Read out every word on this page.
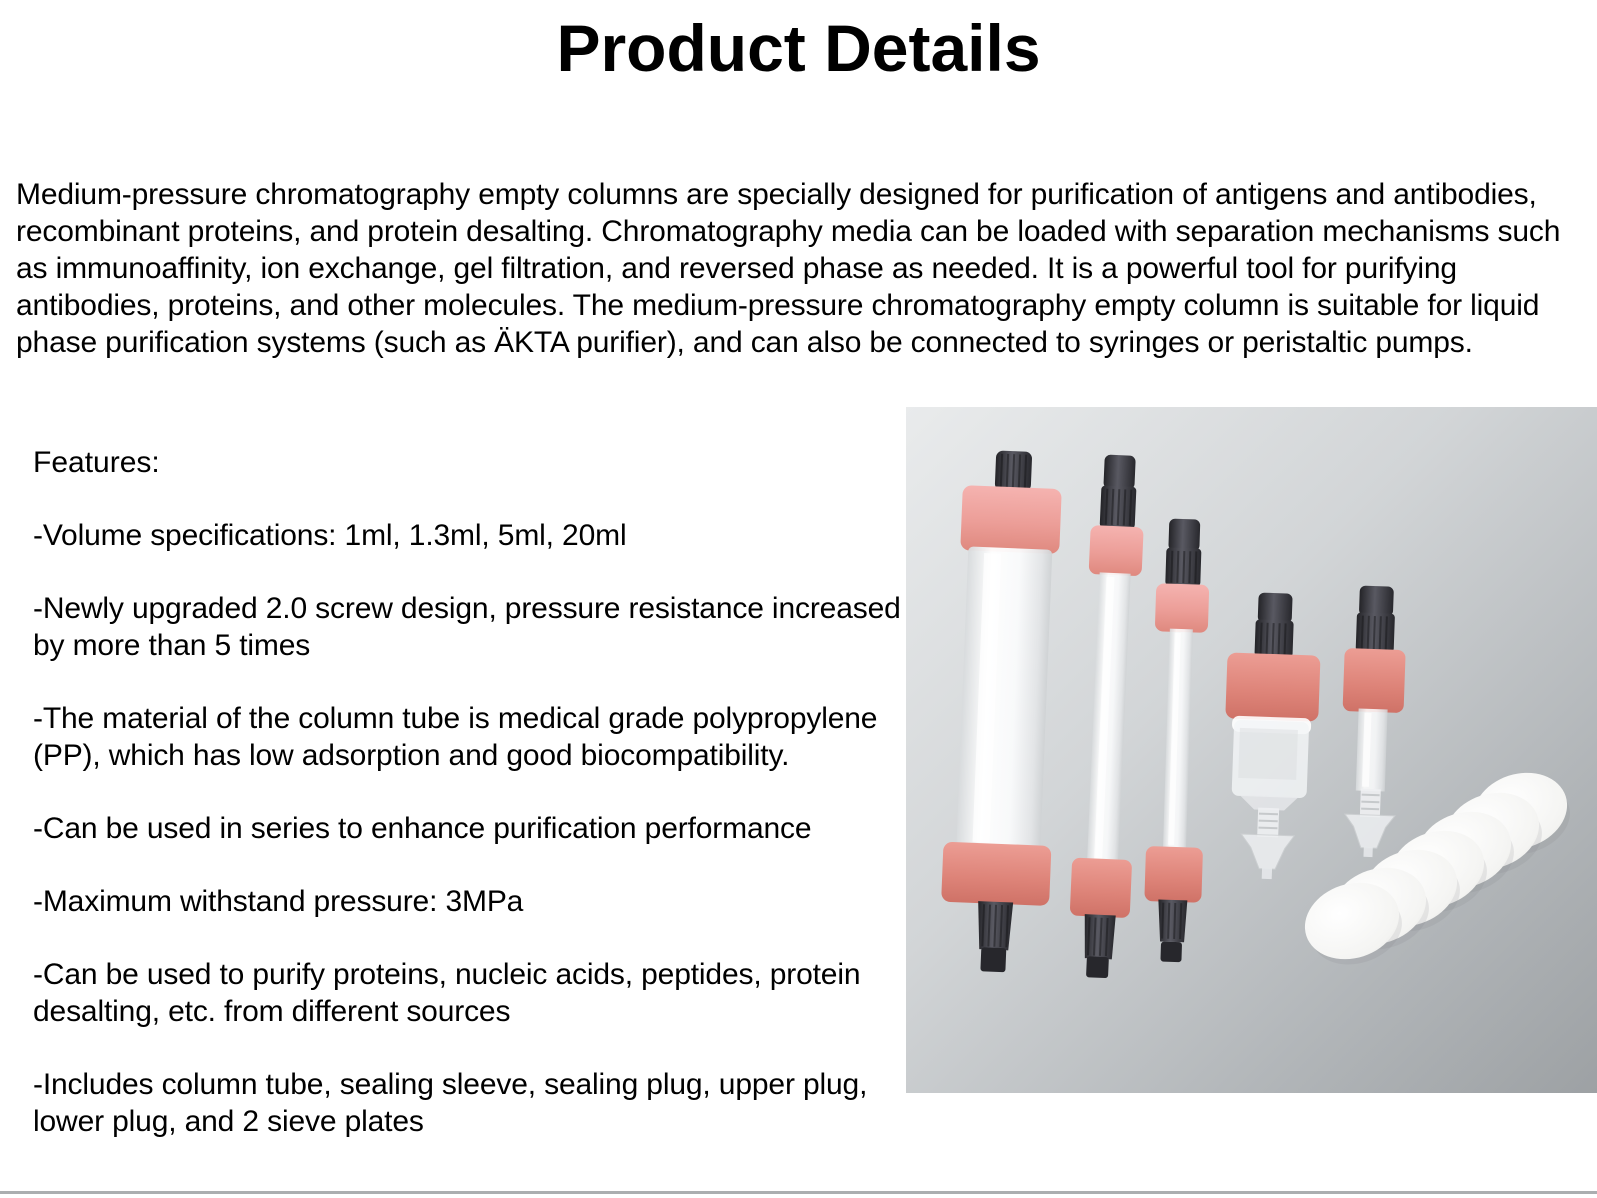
Product Details

Medium-pressure chromatography empty columns are specially designed for purification of antigens and antibodies, recombinant proteins, and protein desalting. Chromatography media can be loaded with separation mechanisms such as immunoaffinity, ion exchange, gel filtration, and reversed phase as needed. It is a powerful tool for purifying antibodies, proteins, and other molecules. The medium-pressure chromatography empty column is suitable for liquid phase purification systems (such as ÄKTA purifier), and can also be connected to syringes or peristaltic pumps.

Features:
-Volume specifications: 1ml, 1.3ml, 5ml, 20ml
-Newly upgraded 2.0 screw design, pressure resistance increased by more than 5 times
-The material of the column tube is medical grade polypropylene (PP), which has low adsorption and good biocompatibility.
-Can be used in series to enhance purification performance
-Maximum withstand pressure: 3MPa
-Can be used to purify proteins, nucleic acids, peptides, protein desalting, etc. from different sources
-Includes column tube, sealing sleeve, sealing plug, upper plug, lower plug, and 2 sieve plates
